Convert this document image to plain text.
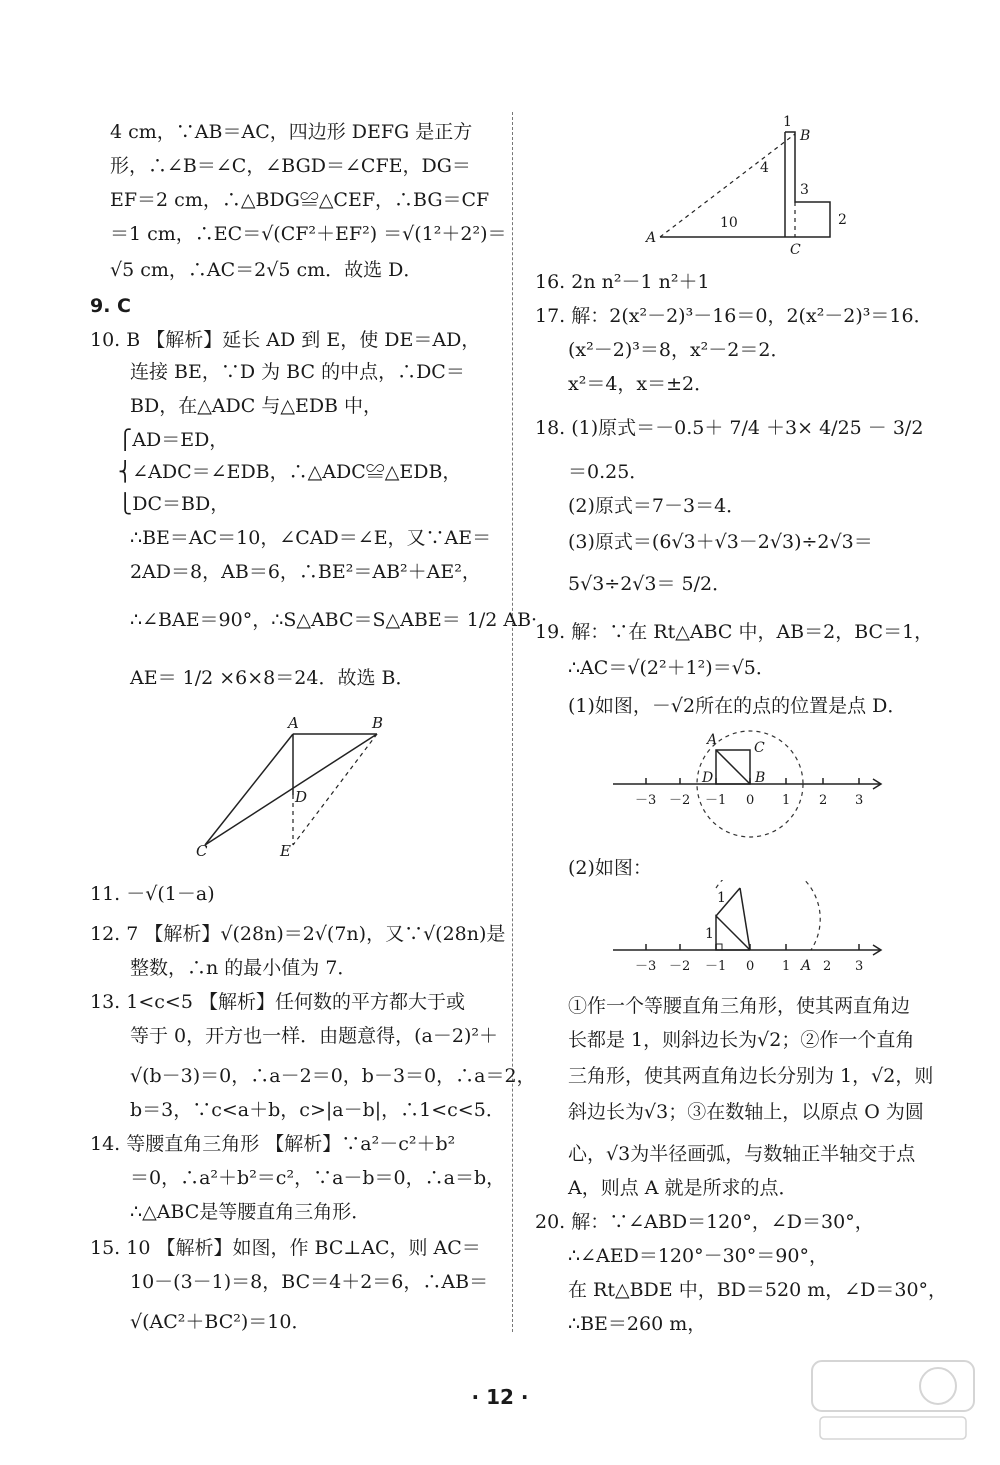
4 cm，∵AB＝AC，四边形 DEFG 是正方
形，∴∠B＝∠C，∠BGD＝∠CFE，DG＝
EF＝2 cm，∴△BDG≌△CEF，∴BG＝CF
＝1 cm，∴EC＝√(CF²＋EF²) ＝√(1²＋2²)＝
√5 cm，∴AC＝2√5 cm．故选 D．
9. C
10. B 【解析】延长 AD 到 E，使 DE＝AD，
连接 BE，∵D 为 BC 的中点，∴DC＝
BD，在△ADC 与△EDB 中，
⎧AD＝ED，
⎨∠ADC＝∠EDB，∴△ADC≌△EDB，
⎩DC＝BD，
∴BE＝AC＝10，∠CAD＝∠E，又∵AE＝
2AD＝8，AB＝6，∴BE²＝AB²＋AE²，
∴∠BAE＝90°，∴S△ABC＝S△ABE＝ 1/2 AB·
AE＝ 1/2 ×6×8＝24．故选 B．
A	B
D
C	E
11. －√(1－a)
12. 7 【解析】√(28n)＝2√(7n)，又∵√(28n)是
整数，∴n 的最小值为 7．
13. 1<c<5 【解析】任何数的平方都大于或
等于 0，开方也一样．由题意得，(a－2)²＋
√(b－3)＝0，∴a－2＝0，b－3＝0，∴a＝2，
b＝3，∵c<a＋b，c>|a－b|，∴1<c<5．
14. 等腰直角三角形 【解析】∵a²－c²＋b²
＝0，∴a²＋b²＝c²，∵a－b＝0，∴a＝b，
∴△ABC是等腰直角三角形．
15. 10 【解析】如图，作 BC⊥AC，则 AC＝
10－(3－1)＝8，BC＝4＋2＝6，∴AB＝
√(AC²＋BC²)＝10．
1
B
4
3
10	2
A
C
16. 2n n²－1 n²＋1
17. 解：2(x²－2)³－16＝0，2(x²－2)³＝16．
(x²－2)³＝8，x²－2＝2．
x²＝4，x＝±2．
18. (1)原式＝－0.5＋ 7/4 ＋3× 4/25 － 3/2
＝0.25．
(2)原式＝7－3＝4．
(3)原式＝(6√3＋√3－2√3)÷2√3＝
5√3÷2√3＝ 5/2．
19. 解：∵在 Rt△ABC 中，AB＝2，BC＝1，
∴AC＝√(2²＋1²)＝√5．
(1)如图，－√2所在的点的位置是点 D．
A	C
D	B
－3 －2 －1 0 1 2 3
(2)如图：
1
1
A
－3 －2 －1 0 1	2 3
①作一个等腰直角三角形，使其两直角边
长都是 1，则斜边长为√2；②作一个直角
三角形，使其两直角边长分别为 1，√2，则
斜边长为√3；③在数轴上，以原点 O 为圆
心，√3为半径画弧，与数轴正半轴交于点
A，则点 A 就是所求的点．
20. 解：∵∠ABD＝120°，∠D＝30°，
∴∠AED＝120°－30°＝90°，
在 Rt△BDE 中，BD＝520 m，∠D＝30°，
∴BE＝260 m，
· 12 ·
